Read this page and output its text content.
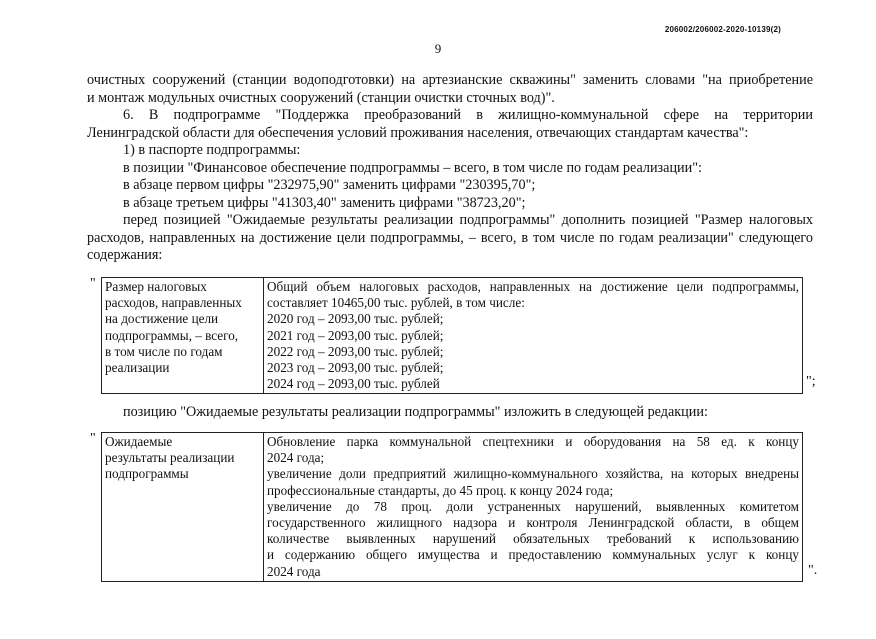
206002/206002-2020-10139(2)
9
очистных сооружений (станции водоподготовки) на артезианские скважины" заменить словами "на приобретение
и монтаж модульных очистных сооружений (станции очистки сточных вод)".
6. В подпрограмме "Поддержка преобразований в жилищно-коммунальной сфере на территории
Ленинградской области для обеспечения условий проживания населения, отвечающих стандартам качества":
1) в паспорте подпрограммы:
в позиции "Финансовое обеспечение подпрограммы – всего, в том числе по годам реализации":
в абзаце первом цифры "232975,90" заменить цифрами "230395,70";
в абзаце третьем цифры "41303,40" заменить цифрами "38723,20";
перед позицией "Ожидаемые результаты реализации подпрограммы" дополнить позицией "Размер налоговых
расходов, направленных на достижение цели подпрограммы, – всего, в том числе по годам реализации" следующего
содержания:
" Размер налоговых
расходов, направленных
на достижение цели
подпрограммы, – всего,
в том числе по годам
реализации

Общий объем налоговых расходов, направленных на достижение цели подпрограммы,
составляет 10465,00 тыс. рублей, в том числе:
2020 год – 2093,00 тыс. рублей;
2021 год – 2093,00 тыс. рублей;
2022 год – 2093,00 тыс. рублей;
2023 год – 2093,00 тыс. рублей;
2024 год – 2093,00 тыс. рублей	";
позицию "Ожидаемые результаты реализации подпрограммы" изложить в следующей редакции:
" Ожидаемые
результаты реализации
подпрограммы

Обновление парка коммунальной спецтехники и оборудования на 58 ед. к концу
2024 года;
увеличение доли предприятий жилищно-коммунального хозяйства, на которых внедрены
профессиональные стандарты, до 45 проц. к концу 2024 года;
увеличение до 78 проц. доли устраненных нарушений, выявленных комитетом
государственного жилищного надзора и контроля Ленинградской области, в общем
количестве выявленных нарушений обязательных требований к использованию
и содержанию общего имущества и предоставлению коммунальных услуг к концу
2024 года	".
